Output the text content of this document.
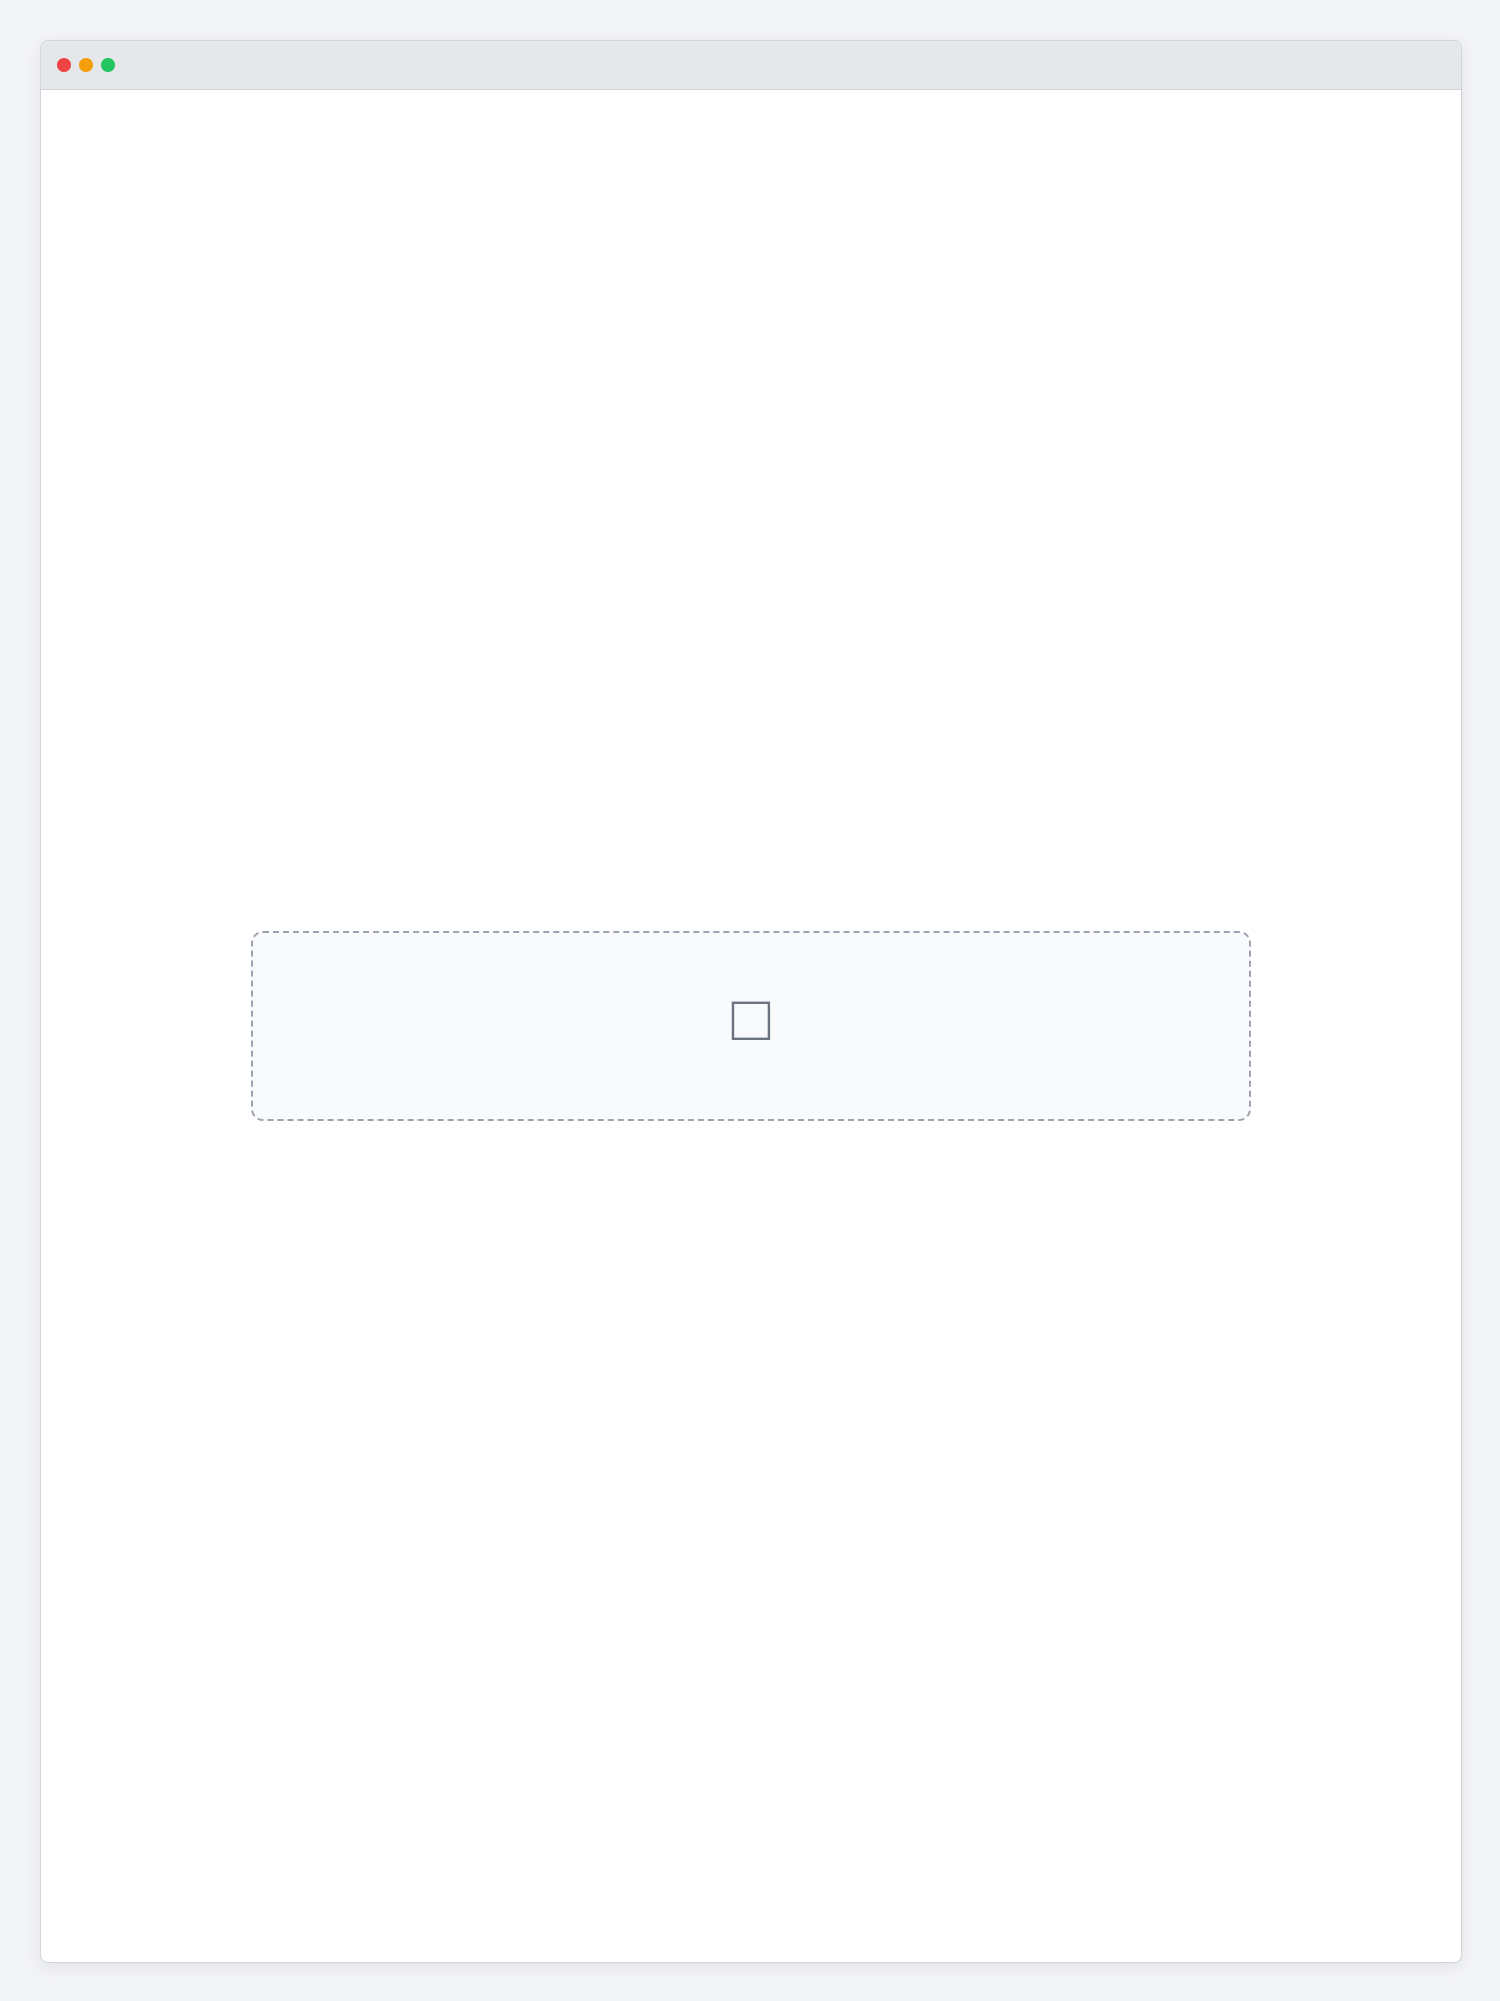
□
